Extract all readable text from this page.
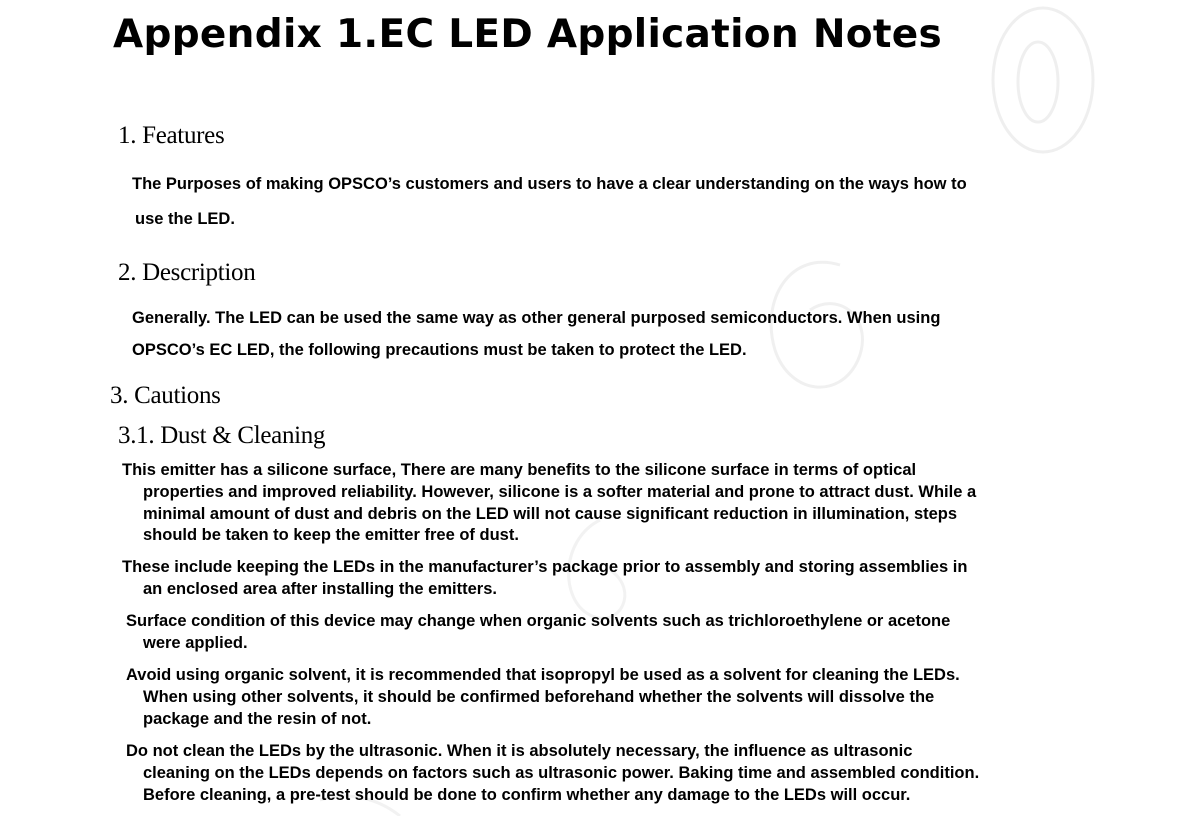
Appendix 1.EC LED Application Notes
1. Features

The Purposes of making OPSCO’s customers and users to have a clear understanding on the ways how to

use the LED.

2. Description

Generally. The LED can be used the same way as other general purposed semiconductors. When using

OPSCO’s EC LED, the following precautions must be taken to protect the LED.

3. Cautions
3.1. Dust & Cleaning
This emitter has a silicone surface, There are many benefits to the silicone surface in terms of optical
properties and improved reliability. However, silicone is a softer material and prone to attract dust. While a
minimal amount of dust and debris on the LED will not cause significant reduction in illumination, steps
should be taken to keep the emitter free of dust.
These include keeping the LEDs in the manufacturer’s package prior to assembly and storing assemblies in
an enclosed area after installing the emitters.
Surface condition of this device may change when organic solvents such as trichloroethylene or acetone
were applied.
Avoid using organic solvent, it is recommended that isopropyl be used as a solvent for cleaning the LEDs.
When using other solvents, it should be confirmed beforehand whether the solvents will dissolve the
package and the resin of not.
Do not clean the LEDs by the ultrasonic. When it is absolutely necessary, the influence as ultrasonic
cleaning on the LEDs depends on factors such as ultrasonic power. Baking time and assembled condition.
Before cleaning, a pre-test should be done to confirm whether any damage to the LEDs will occur.
